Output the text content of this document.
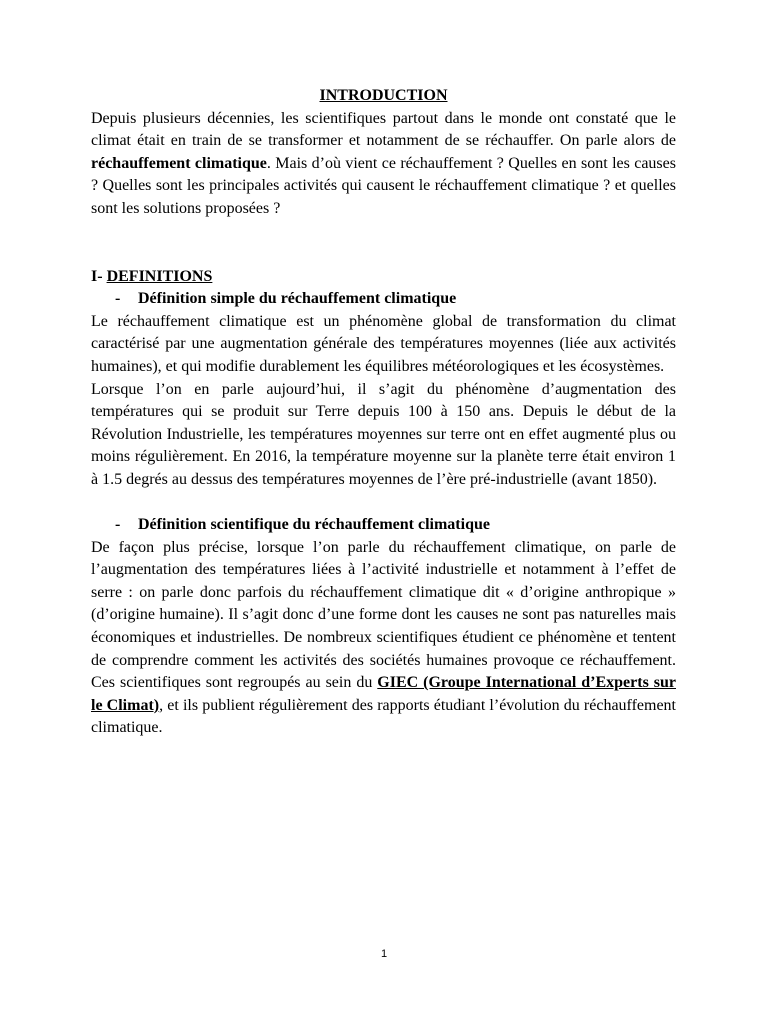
INTRODUCTION

Depuis plusieurs décennies, les scientifiques partout dans le monde ont constaté que le climat était en train de se transformer et notamment de se réchauffer. On parle alors de réchauffement climatique. Mais d’où vient ce réchauffement ? Quelles en sont les causes ? Quelles sont les principales activités qui causent le réchauffement climatique ? et quelles sont les solutions proposées ?

I- DEFINITIONS

-	Définition simple du réchauffement climatique

Le réchauffement climatique est un phénomène global de transformation du climat caractérisé par une augmentation générale des températures moyennes (liée aux activités humaines), et qui modifie durablement les équilibres météorologiques et les écosystèmes.

Lorsque l’on en parle aujourd’hui, il s’agit du phénomène d’augmentation des températures qui se produit sur Terre depuis 100 à 150 ans. Depuis le début de la Révolution Industrielle, les températures moyennes sur terre ont en effet augmenté plus ou moins régulièrement. En 2016, la température moyenne sur la planète terre était environ 1 à 1.5 degrés au dessus des températures moyennes de l’ère pré-industrielle (avant 1850).

-	Définition scientifique du réchauffement climatique

De façon plus précise, lorsque l’on parle du réchauffement climatique, on parle de l’augmentation des températures liées à l’activité industrielle et notamment à l’effet de serre : on parle donc parfois du réchauffement climatique dit « d’origine anthropique » (d’origine humaine). Il s’agit donc d’une forme dont les causes ne sont pas naturelles mais économiques et industrielles. De nombreux scientifiques étudient ce phénomène et tentent de comprendre comment les activités des sociétés humaines provoque ce réchauffement. Ces scientifiques sont regroupés au sein du GIEC (Groupe International d’Experts sur le Climat), et ils publient régulièrement des rapports étudiant l’évolution du réchauffement climatique.

1
